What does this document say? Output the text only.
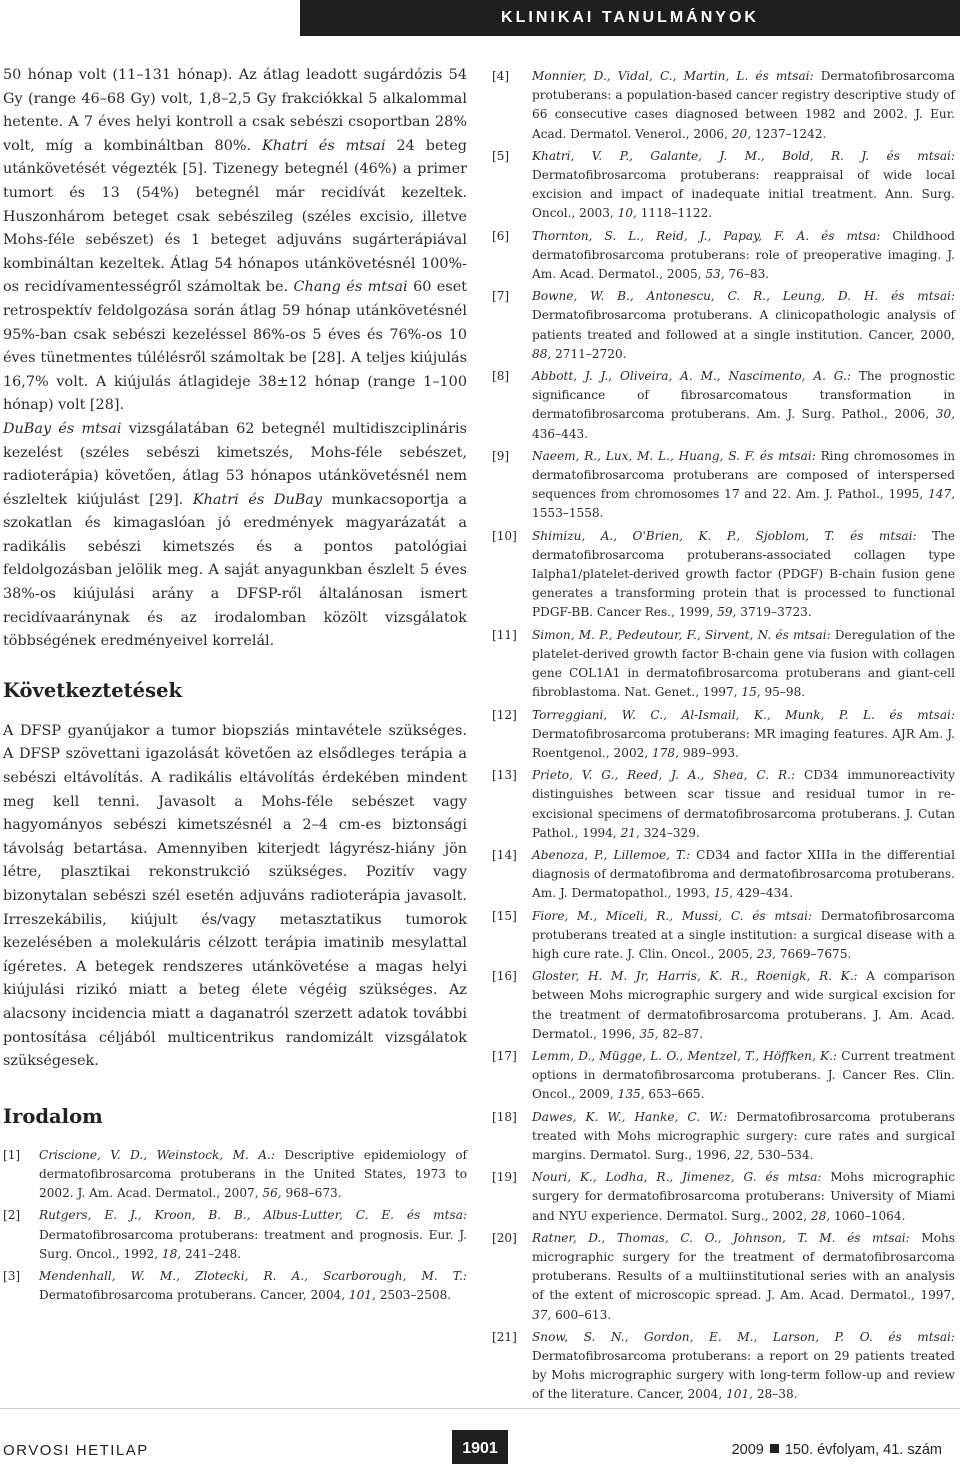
KLINIKAI TANULMÁNYOK

50 hónap volt (11–131 hónap). Az átlag leadott sugárdózis 54 Gy (range 46–68 Gy) volt, 1,8–2,5 Gy frakciókkal 5 alkalommal hetente. A 7 éves helyi kontroll a csak sebészi csoportban 28% volt, míg a kombináltban 80%. Khatri és mtsai 24 beteg utánkövetését végezték [5]. Tizenegy betegnél (46%) a primer tumort és 13 (54%) betegnél már recidívát kezeltek. Huszonhárom beteget csak sebészileg (széles excisio, illetve Mohs-féle sebészet) és 1 beteget adjuváns sugárterápiával kombináltan kezeltek. Átlag 54 hónapos utánkövetésnél 100%-os recidívamentességről számoltak be. Chang és mtsai 60 eset retrospektív feldolgozása során átlag 59 hónap utánkövetésnél 95%-ban csak sebészi kezeléssel 86%-os 5 éves és 76%-os 10 éves tünetmentes túlélésről számoltak be [28]. A teljes kiújulás 16,7% volt. A kiújulás átlagideje 38±12 hónap (range 1–100 hónap) volt [28].

DuBay és mtsai vizsgálatában 62 betegnél multidiszciplináris kezelést (széles sebészi kimetszés, Mohs-féle sebészet, radioterápia) követően, átlag 53 hónapos utánkövetésnél nem észleltek kiújulást [29]. Khatri és DuBay munkacsoportja a szokatlan és kimagaslóan jó eredmények magyarázatát a radikális sebészi kimetszés és a pontos patológiai feldolgozásban jelölik meg. A saját anyagunkban észlelt 5 éves 38%-os kiújulási arány a DFSP-ről általánosan ismert recidívaaránynak és az irodalomban közölt vizsgálatok többségének eredményeivel korrelál.

Következtetések

A DFSP gyanújakor a tumor biopsziás mintavétele szükséges. A DFSP szövettani igazolását követően az elsődleges terápia a sebészi eltávolítás. A radikális eltávolítás érdekében mindent meg kell tenni. Javasolt a Mohs-féle sebészet vagy hagyományos sebészi kimetszésnél a 2–4 cm-es biztonsági távolság betartása. Amennyiben kiterjedt lágyrész-hiány jön létre, plasztikai rekonstrukció szükséges. Pozitív vagy bizonytalan sebészi szél esetén adjuváns radioterápia javasolt. Irreszekábilis, kiújult és/vagy metasztatikus tumorok kezelésében a molekuláris célzott terápia imatinib mesylattal ígéretes. A betegek rendszeres utánkövetése a magas helyi kiújulási rizikó miatt a beteg élete végéig szükséges. Az alacsony incidencia miatt a daganatról szerzett adatok további pontosítása céljából multicentrikus randomizált vizsgálatok szükségesek.

Irodalom
[1] Criscione, V. D., Weinstock, M. A.: Descriptive epidemiology of dermatofibrosarcoma protuberans in the United States, 1973 to 2002. J. Am. Acad. Dermatol., 2007, 56, 968–673.
[2] Rutgers, E. J., Kroon, B. B., Albus-Lutter, C. E. és mtsa: Dermatofibrosarcoma protuberans: treatment and prognosis. Eur. J. Surg. Oncol., 1992, 18, 241–248.
[3] Mendenhall, W. M., Zlotecki, R. A., Scarborough, M. T.: Dermatofibrosarcoma protuberans. Cancer, 2004, 101, 2503–2508.
[4] Monnier, D., Vidal, C., Martin, L. és mtsai: Dermatofibrosarcoma protuberans: a population-based cancer registry descriptive study of 66 consecutive cases diagnosed between 1982 and 2002. J. Eur. Acad. Dermatol. Venerol., 2006, 20, 1237–1242.
[5] Khatri, V. P., Galante, J. M., Bold, R. J. és mtsai: Dermatofibrosarcoma protuberans: reappraisal of wide local excision and impact of inadequate initial treatment. Ann. Surg. Oncol., 2003, 10, 1118–1122.
[6] Thornton, S. L., Reid, J., Papay, F. A. és mtsa: Childhood dermatofibrosarcoma protuberans: role of preoperative imaging. J. Am. Acad. Dermatol., 2005, 53, 76–83.
[7] Bowne, W. B., Antonescu, C. R., Leung, D. H. és mtsai: Dermatofibrosarcoma protuberans. A clinicopathologic analysis of patients treated and followed at a single institution. Cancer, 2000, 88, 2711–2720.
[8] Abbott, J. J., Oliveira, A. M., Nascimento, A. G.: The prognostic significance of fibrosarcomatous transformation in dermatofibrosarcoma protuberans. Am. J. Surg. Pathol., 2006, 30, 436–443.
[9] Naeem, R., Lux, M. L., Huang, S. F. és mtsai: Ring chromosomes in dermatofibrosarcoma protuberans are composed of interspersed sequences from chromosomes 17 and 22. Am. J. Pathol., 1995, 147, 1553–1558.
[10] Shimizu, A., O'Brien, K. P., Sjoblom, T. és mtsai: The dermatofibrosarcoma protuberans-associated collagen type Ialpha1/platelet-derived growth factor (PDGF) B-chain fusion gene generates a transforming protein that is processed to functional PDGF-BB. Cancer Res., 1999, 59, 3719–3723.
[11] Simon, M. P., Pedeutour, F., Sirvent, N. és mtsai: Deregulation of the platelet-derived growth factor B-chain gene via fusion with collagen gene COL1A1 in dermatofibrosarcoma protuberans and giant-cell fibroblastoma. Nat. Genet., 1997, 15, 95–98.
[12] Torreggiani, W. C., Al-Ismail, K., Munk, P. L. és mtsai: Dermatofibrosarcoma protuberans: MR imaging features. AJR Am. J. Roentgenol., 2002, 178, 989–993.
[13] Prieto, V. G., Reed, J. A., Shea, C. R.: CD34 immunoreactivity distinguishes between scar tissue and residual tumor in re-excisional specimens of dermatofibrosarcoma protuberans. J. Cutan Pathol., 1994, 21, 324–329.
[14] Abenoza, P., Lillemoe, T.: CD34 and factor XIIIa in the differential diagnosis of dermatofibroma and dermatofibrosarcoma protuberans. Am. J. Dermatopathol., 1993, 15, 429–434.
[15] Fiore, M., Miceli, R., Mussi, C. és mtsai: Dermatofibrosarcoma protuberans treated at a single institution: a surgical disease with a high cure rate. J. Clin. Oncol., 2005, 23, 7669–7675.
[16] Gloster, H. M. Jr, Harris, K. R., Roenigk, R. K.: A comparison between Mohs micrographic surgery and wide surgical excision for the treatment of dermatofibrosarcoma protuberans. J. Am. Acad. Dermatol., 1996, 35, 82–87.
[17] Lemm, D., Mügge, L. O., Mentzel, T., Höffken, K.: Current treatment options in dermatofibrosarcoma protuberans. J. Cancer Res. Clin. Oncol., 2009, 135, 653–665.
[18] Dawes, K. W., Hanke, C. W.: Dermatofibrosarcoma protuberans treated with Mohs micrographic surgery: cure rates and surgical margins. Dermatol. Surg., 1996, 22, 530–534.
[19] Nouri, K., Lodha, R., Jimenez, G. és mtsa: Mohs micrographic surgery for dermatofibrosarcoma protuberans: University of Miami and NYU experience. Dermatol. Surg., 2002, 28, 1060–1064.
[20] Ratner, D., Thomas, C. O., Johnson, T. M. és mtsai: Mohs micrographic surgery for the treatment of dermatofibrosarcoma protuberans. Results of a multiinstitutional series with an analysis of the extent of microscopic spread. J. Am. Acad. Dermatol., 1997, 37, 600–613.
[21] Snow, S. N., Gordon, E. M., Larson, P. O. és mtsai: Dermatofibrosarcoma protuberans: a report on 29 patients treated by Mohs micrographic surgery with long-term follow-up and review of the literature. Cancer, 2004, 101, 28–38.
ORVOSI HETILAP	1901	2009 150. évfolyam, 41. szám
